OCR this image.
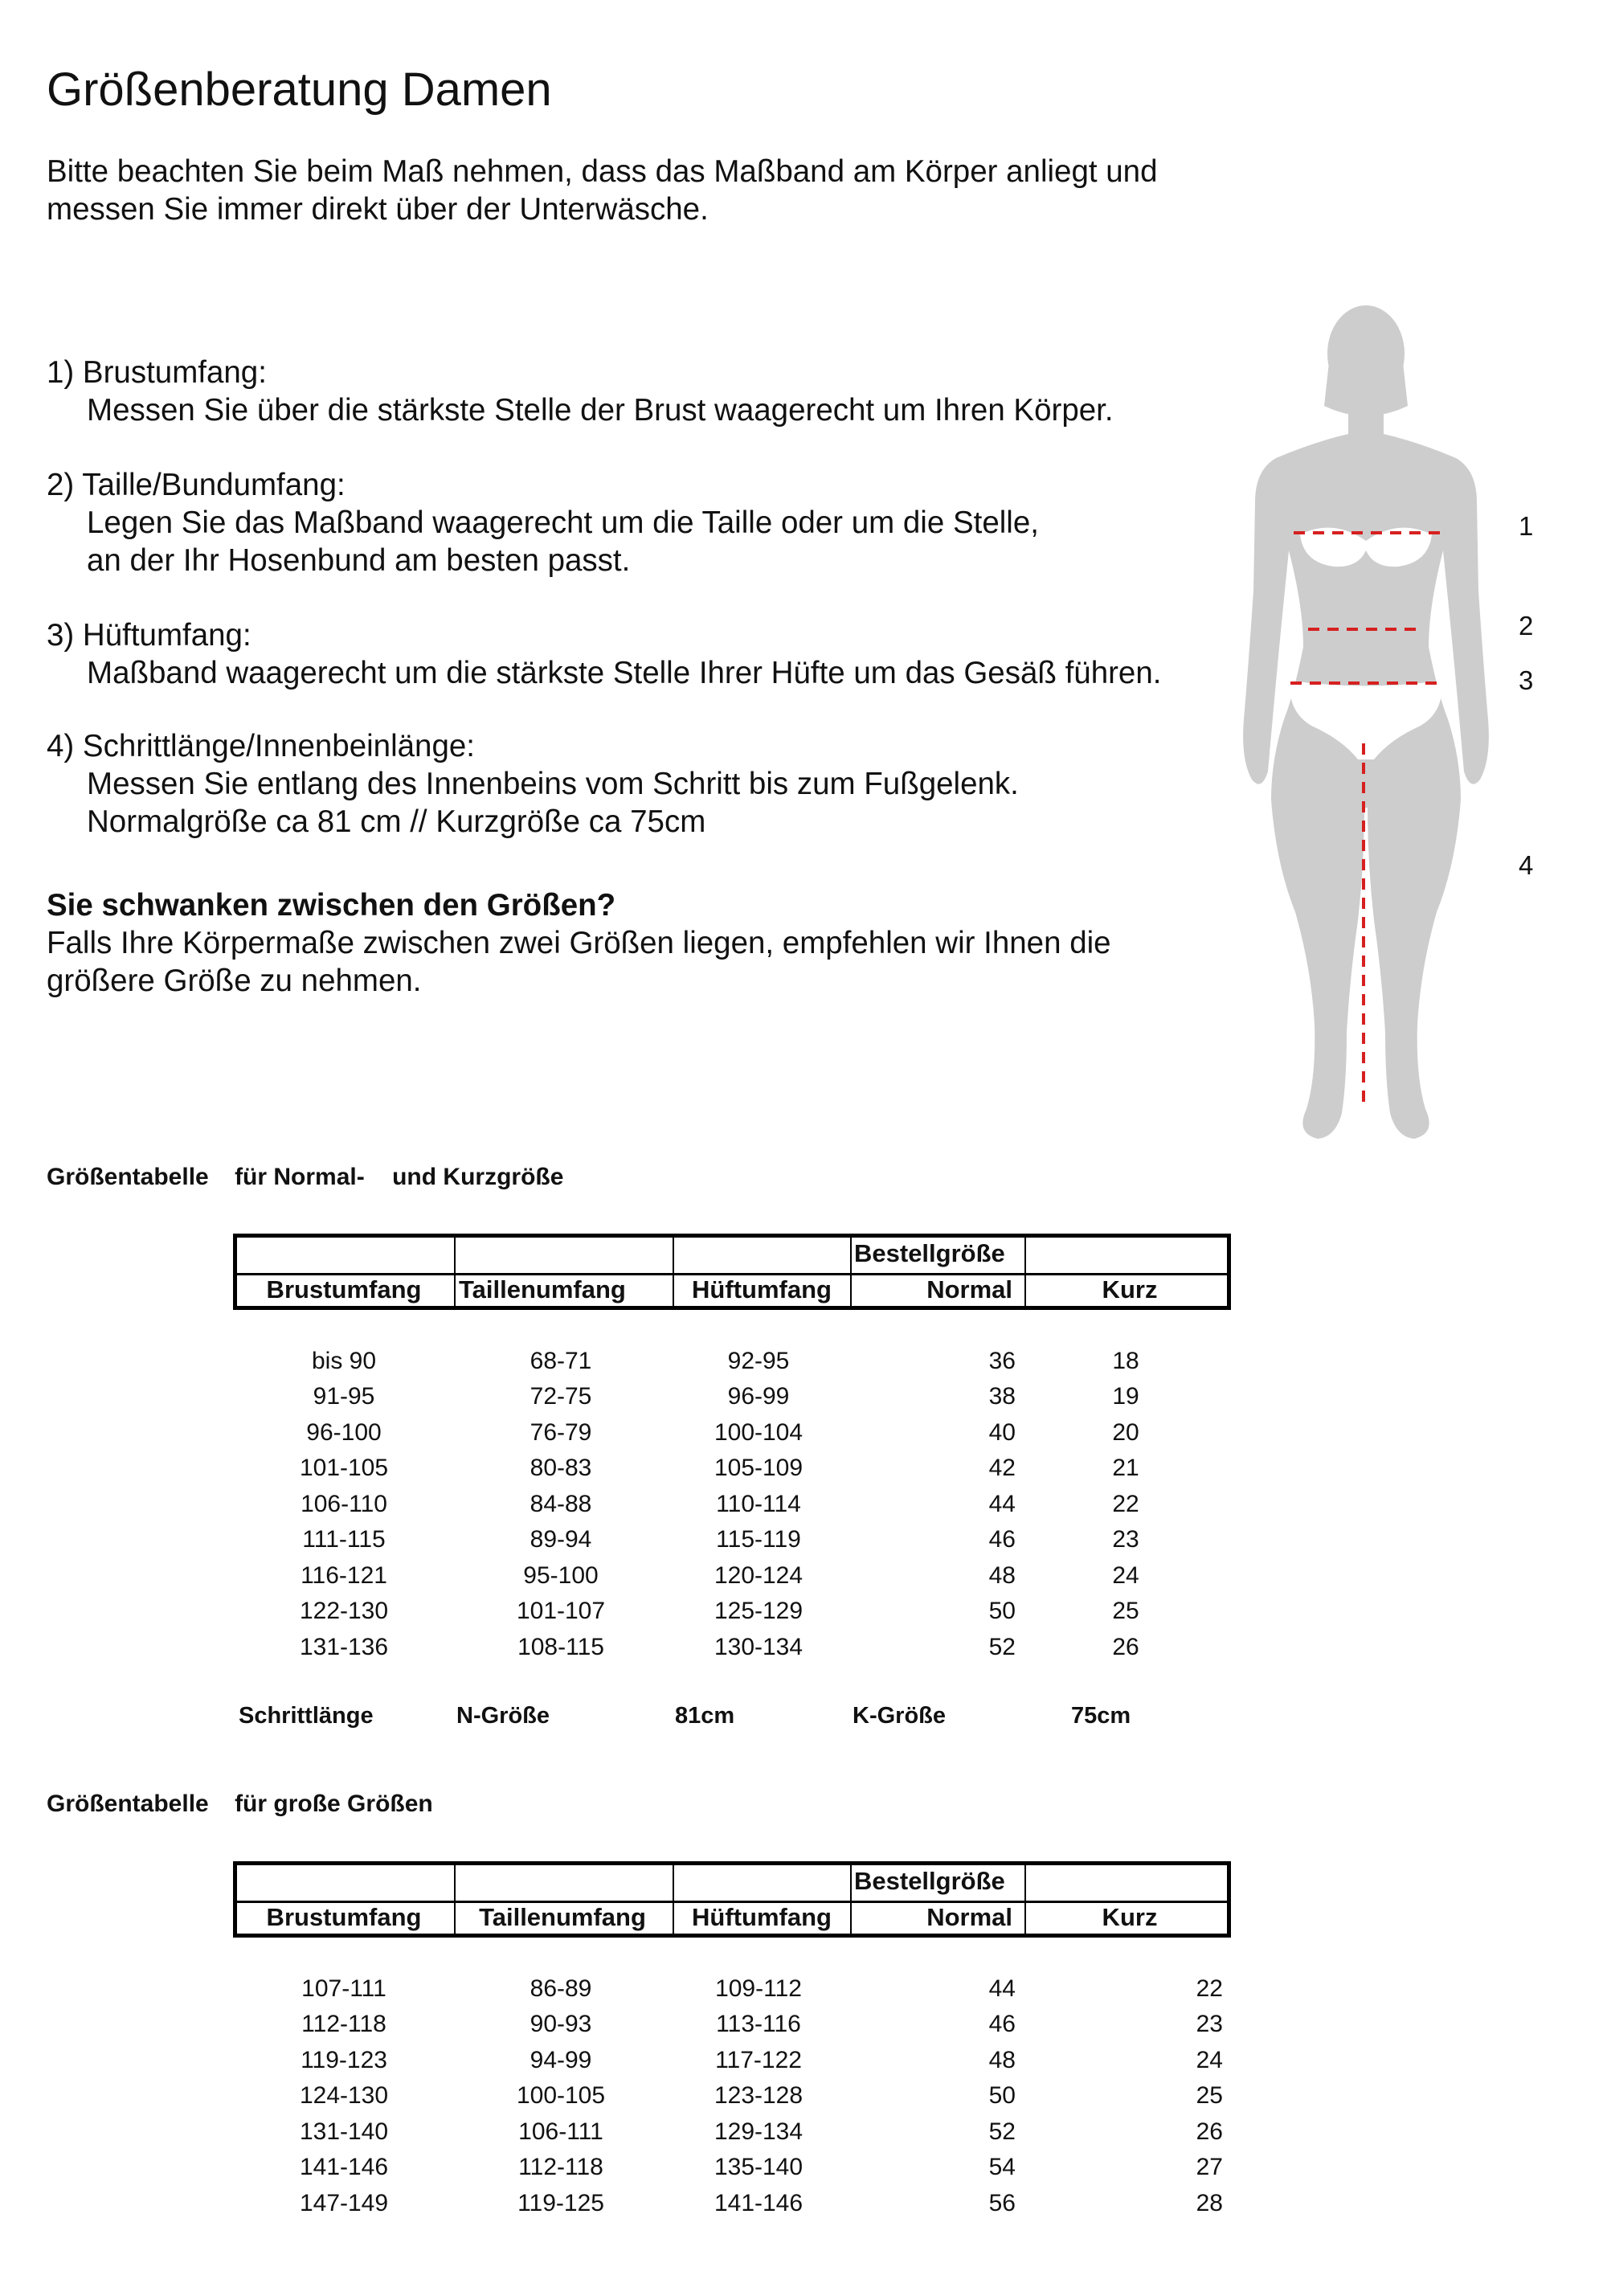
Größenberatung Damen
Bitte beachten Sie beim Maß nehmen, dass das Maßband am Körper anliegt und
messen Sie immer direkt über der Unterwäsche.
1) Brustumfang:
Messen Sie über die stärkste Stelle der Brust waagerecht um Ihren Körper.
2) Taille/Bundumfang:
Legen Sie das Maßband waagerecht um die Taille oder um die Stelle,
an der Ihr Hosenbund am besten passt.
3) Hüftumfang:
Maßband waagerecht um die stärkste Stelle Ihrer Hüfte um das Gesäß führen.
4) Schrittlänge/Innenbeinlänge:
Messen Sie entlang des Innenbeins vom Schritt bis zum Fußgelenk.
Normalgröße ca 81 cm // Kurzgröße ca 75cm
Sie schwanken zwischen den Größen?
Falls Ihre Körpermaße zwischen zwei Größen liegen, empfehlen wir Ihnen die
größere Größe zu nehmen.
1
2
3
4
Größentabelle für Normal- und Kurzgröße
Bestellgröße
Brustumfang Taillenumfang	Hüftumfang	Normal	Kurz
bis 90	68-71	92-95	36	18
91-95	72-75	96-99	38	19
96-100	76-79	100-104	40	20
101-105	80-83	105-109	42	21
106-110	84-88	110-114	44	22
111-115	89-94	115-119	46	23
116-121	95-100	120-124	48	24
122-130	101-107	125-129	50	25
131-136	108-115	130-134	52	26
Schrittlänge	N-Größe	81cm	K-Größe	75cm
Größentabelle für große Größen
Bestellgröße
Brustumfang Taillenumfang Hüftumfang	Normal	Kurz
107-111	86-89	109-112	44	22
112-118	90-93	113-116	46	23
119-123	94-99	117-122	48	24
124-130	100-105	123-128	50	25
131-140	106-111	129-134	52	26
141-146	112-118	135-140	54	27
147-149	119-125	141-146	56	28
